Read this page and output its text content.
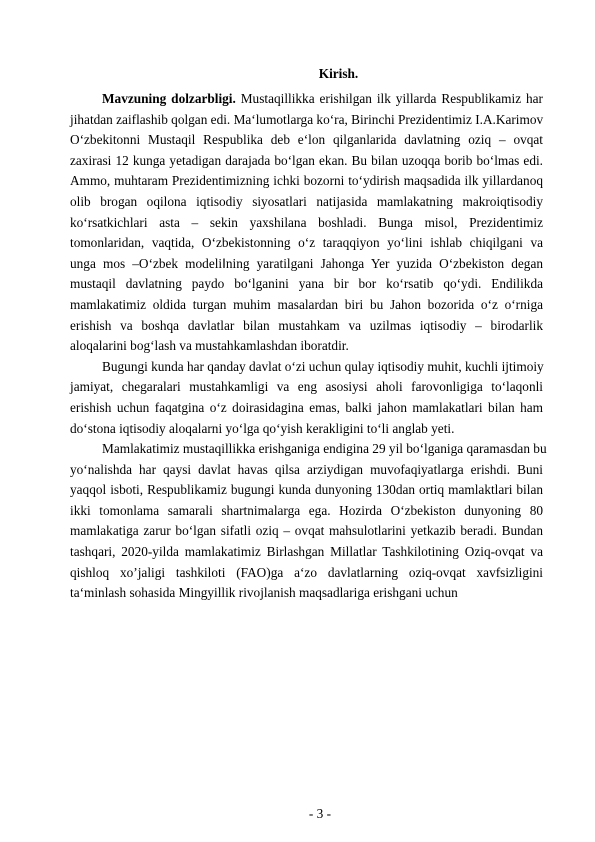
Kirish.
Mavzuning dolzarbligi. Mustaqillikka erishilgan ilk yillarda Respublikamiz har
jihatdan zaiflashib qolgan edi. Ma‘lumotlarga ko‘ra, Birinchi Prezidentimiz I.A.Karimov
O‘zbekitonni Mustaqil Respublika deb e‘lon qilganlarida davlatning oziq – ovqat
zaxirasi 12 kunga yetadigan darajada bo‘lgan ekan. Bu bilan uzoqqa borib bo‘lmas edi.
Ammo, muhtaram Prezidentimizning ichki bozorni to‘ydirish maqsadida ilk yillardanoq
olib brogan oqilona iqtisodiy siyosatlari natijasida mamlakatning makroiqtisodiy
ko‘rsatkichlari asta – sekin yaxshilana boshladi. Bunga misol, Prezidentimiz
tomonlaridan, vaqtida, O‘zbekistonning o‘z taraqqiyon yo‘lini ishlab chiqilgani va
unga mos –O‘zbek modeli‖ning yaratilgani Jahonga Yer yuzida O‘zbekiston degan
mustaqil davlatning paydo bo‘lganini yana bir bor ko‘rsatib qo‘ydi. Endilikda
mamlakatimiz oldida turgan muhim masalardan biri bu Jahon bozorida o‘z o‘rniga
erishish va boshqa davlatlar bilan mustahkam va uzilmas iqtisodiy – birodarlik
aloqalarini bog‘lash va mustahkamlashdan iboratdir.
Bugungi kunda har qanday davlat o‘zi uchun qulay iqtisodiy muhit, kuchli ijtimoiy
jamiyat, chegaralari mustahkamligi va eng asosiysi aholi farovonligiga to‘laqonli
erishish uchun faqatgina o‘z doirasidagina emas, balki jahon mamlakatlari bilan ham
do‘stona iqtisodiy aloqalarni yo‘lga qo‘yish kerakligini to‘li anglab yeti.
Mamlakatimiz mustaqillikka erishganiga endigina 29 yil bo‘lganiga qaramasdan bu
yo‘nalishda har qaysi davlat havas qilsa arziydigan muvofaqiyatlarga erishdi. Buni
yaqqol isboti, Respublikamiz bugungi kunda dunyoning 130dan ortiq mamlaktlari bilan
ikki tomonlama samarali shartnimalarga ega. Hozirda O‘zbekiston dunyoning 80
mamlakatiga zarur bo‘lgan sifatli oziq – ovqat mahsulotlarini yetkazib beradi. Bundan
tashqari, 2020-yilda mamlakatimiz Birlashgan Millatlar Tashkilotining Oziq-ovqat va
qishloq xo’jaligi tashkiloti (FAO)ga a‘zo davlatlarning oziq-ovqat xavfsizligini
ta‘minlash sohasida Mingyillik rivojlanish maqsadlariga erishgani uchun
- 3 -
